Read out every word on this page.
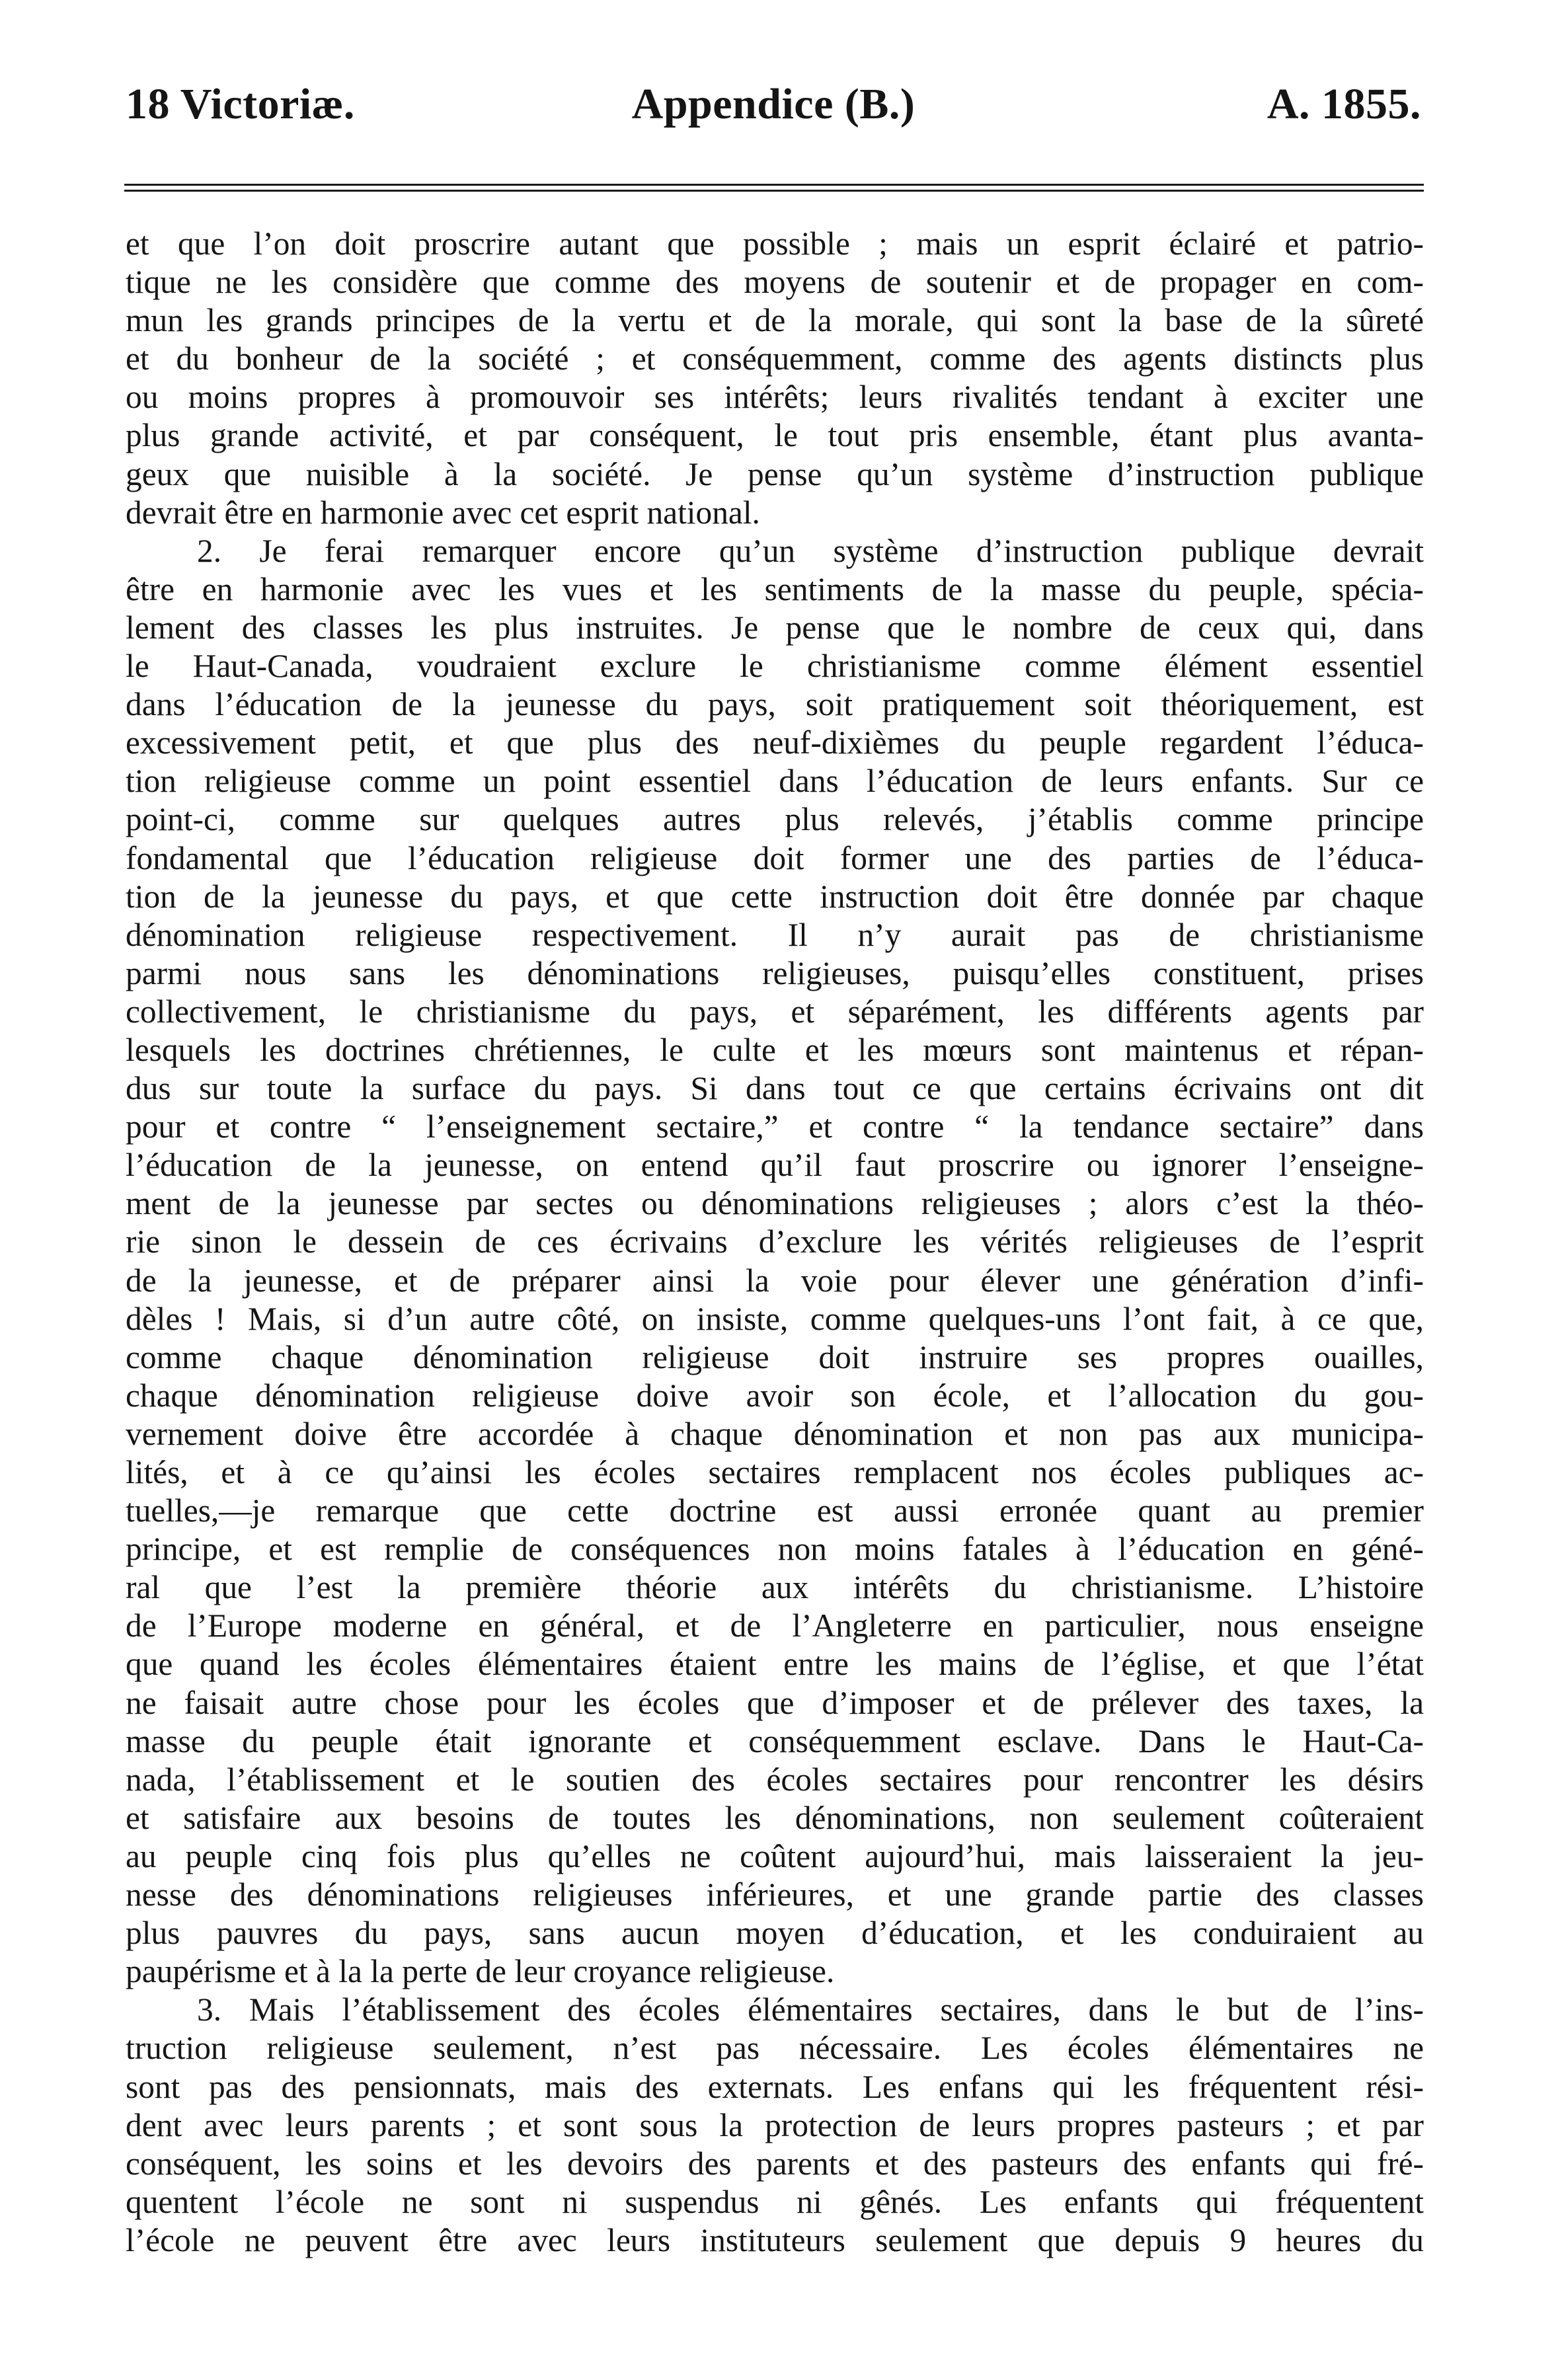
18 Victoriæ.	Appendice (B.)	A. 1855.
et que l’on doit proscrire autant que possible ; mais un esprit éclairé et patrio-
tique ne les considère que comme des moyens de soutenir et de propager en com-
mun les grands principes de la vertu et de la morale, qui sont la base de la sûreté
et du bonheur de la société ; et conséquemment, comme des agents distincts plus
ou moins propres à promouvoir ses intérêts; leurs rivalités tendant à exciter une
plus grande activité, et par conséquent, le tout pris ensemble, étant plus avanta-
geux que nuisible à la société. Je pense qu’un système d’instruction publique
devrait être en harmonie avec cet esprit national.
2. Je ferai remarquer encore qu’un système d’instruction publique devrait
être en harmonie avec les vues et les sentiments de la masse du peuple, spécia-
lement des classes les plus instruites. Je pense que le nombre de ceux qui, dans
le Haut-Canada, voudraient exclure le christianisme comme élément essentiel
dans l’éducation de la jeunesse du pays, soit pratiquement soit théoriquement, est
excessivement petit, et que plus des neuf-dixièmes du peuple regardent l’éduca-
tion religieuse comme un point essentiel dans l’éducation de leurs enfants. Sur ce
point-ci, comme sur quelques autres plus relevés, j’établis comme principe
fondamental que l’éducation religieuse doit former une des parties de l’éduca-
tion de la jeunesse du pays, et que cette instruction doit être donnée par chaque
dénomination religieuse respectivement. Il n’y aurait pas de christianisme
parmi nous sans les dénominations religieuses, puisqu’elles constituent, prises
collectivement, le christianisme du pays, et séparément, les différents agents par
lesquels les doctrines chrétiennes, le culte et les mœurs sont maintenus et répan-
dus sur toute la surface du pays. Si dans tout ce que certains écrivains ont dit
pour et contre “ l’enseignement sectaire,” et contre “ la tendance sectaire” dans
l’éducation de la jeunesse, on entend qu’il faut proscrire ou ignorer l’enseigne-
ment de la jeunesse par sectes ou dénominations religieuses ; alors c’est la théo-
rie sinon le dessein de ces écrivains d’exclure les vérités religieuses de l’esprit
de la jeunesse, et de préparer ainsi la voie pour élever une génération d’infi-
dèles ! Mais, si d’un autre côté, on insiste, comme quelques-uns l’ont fait, à ce que,
comme chaque dénomination religieuse doit instruire ses propres ouailles,
chaque dénomination religieuse doive avoir son école, et l’allocation du gou-
vernement doive être accordée à chaque dénomination et non pas aux municipa-
lités, et à ce qu’ainsi les écoles sectaires remplacent nos écoles publiques ac-
tuelles,—je remarque que cette doctrine est aussi erronée quant au premier
principe, et est remplie de conséquences non moins fatales à l’éducation en géné-
ral que l’est la première théorie aux intérêts du christianisme. L’histoire
de l’Europe moderne en général, et de l’Angleterre en particulier, nous enseigne
que quand les écoles élémentaires étaient entre les mains de l’église, et que l’état
ne faisait autre chose pour les écoles que d’imposer et de prélever des taxes, la
masse du peuple était ignorante et conséquemment esclave. Dans le Haut-Ca-
nada, l’établissement et le soutien des écoles sectaires pour rencontrer les désirs
et satisfaire aux besoins de toutes les dénominations, non seulement coûteraient
au peuple cinq fois plus qu’elles ne coûtent aujourd’hui, mais laisseraient la jeu-
nesse des dénominations religieuses inférieures, et une grande partie des classes
plus pauvres du pays, sans aucun moyen d’éducation, et les conduiraient au
paupérisme et à la la perte de leur croyance religieuse.
3. Mais l’établissement des écoles élémentaires sectaires, dans le but de l’ins-
truction religieuse seulement, n’est pas nécessaire. Les écoles élémentaires ne
sont pas des pensionnats, mais des externats. Les enfans qui les fréquentent rési-
dent avec leurs parents ; et sont sous la protection de leurs propres pasteurs ; et par
conséquent, les soins et les devoirs des parents et des pasteurs des enfants qui fré-
quentent l’école ne sont ni suspendus ni gênés. Les enfants qui fréquentent
l’école ne peuvent être avec leurs instituteurs seulement que depuis 9 heures du
